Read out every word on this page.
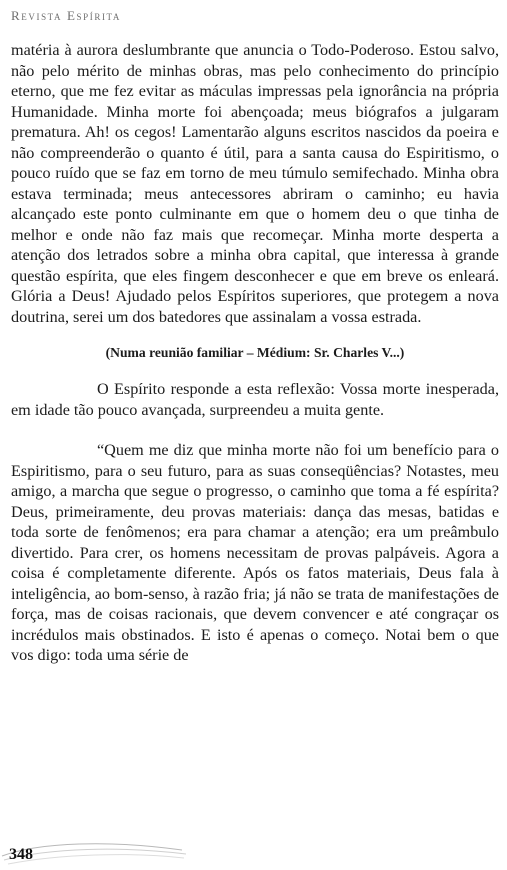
Revista Espírita

matéria à aurora deslumbrante que anuncia o Todo-Poderoso. Estou salvo, não pelo mérito de minhas obras, mas pelo conhecimento do princípio eterno, que me fez evitar as máculas impressas pela ignorância na própria Humanidade. Minha morte foi abençoada; meus biógrafos a julgaram prematura. Ah! os cegos! Lamentarão alguns escritos nascidos da poeira e não compreenderão o quanto é útil, para a santa causa do Espiritismo, o pouco ruído que se faz em torno de meu túmulo semifechado. Minha obra estava terminada; meus antecessores abriram o caminho; eu havia alcançado este ponto culminante em que o homem deu o que tinha de melhor e onde não faz mais que recomeçar. Minha morte desperta a atenção dos letrados sobre a minha obra capital, que interessa à grande questão espírita, que eles fingem desconhecer e que em breve os enleará. Glória a Deus! Ajudado pelos Espíritos superiores, que protegem a nova doutrina, serei um dos batedores que assinalam a vossa estrada.

(Numa reunião familiar – Médium: Sr. Charles V...)

O Espírito responde a esta reflexão: Vossa morte inesperada, em idade tão pouco avançada, surpreendeu a muita gente.

“Quem me diz que minha morte não foi um benefício para o Espiritismo, para o seu futuro, para as suas conseqüências? Notastes, meu amigo, a marcha que segue o progresso, o caminho que toma a fé espírita? Deus, primeiramente, deu provas materiais: dança das mesas, batidas e toda sorte de fenômenos; era para chamar a atenção; era um preâmbulo divertido. Para crer, os homens necessitam de provas palpáveis. Agora a coisa é completamente diferente. Após os fatos materiais, Deus fala à inteligência, ao bom-senso, à razão fria; já não se trata de manifestações de força, mas de coisas racionais, que devem convencer e até congraçar os incrédulos mais obstinados. E isto é apenas o começo. Notai bem o que vos digo: toda uma série de

348
